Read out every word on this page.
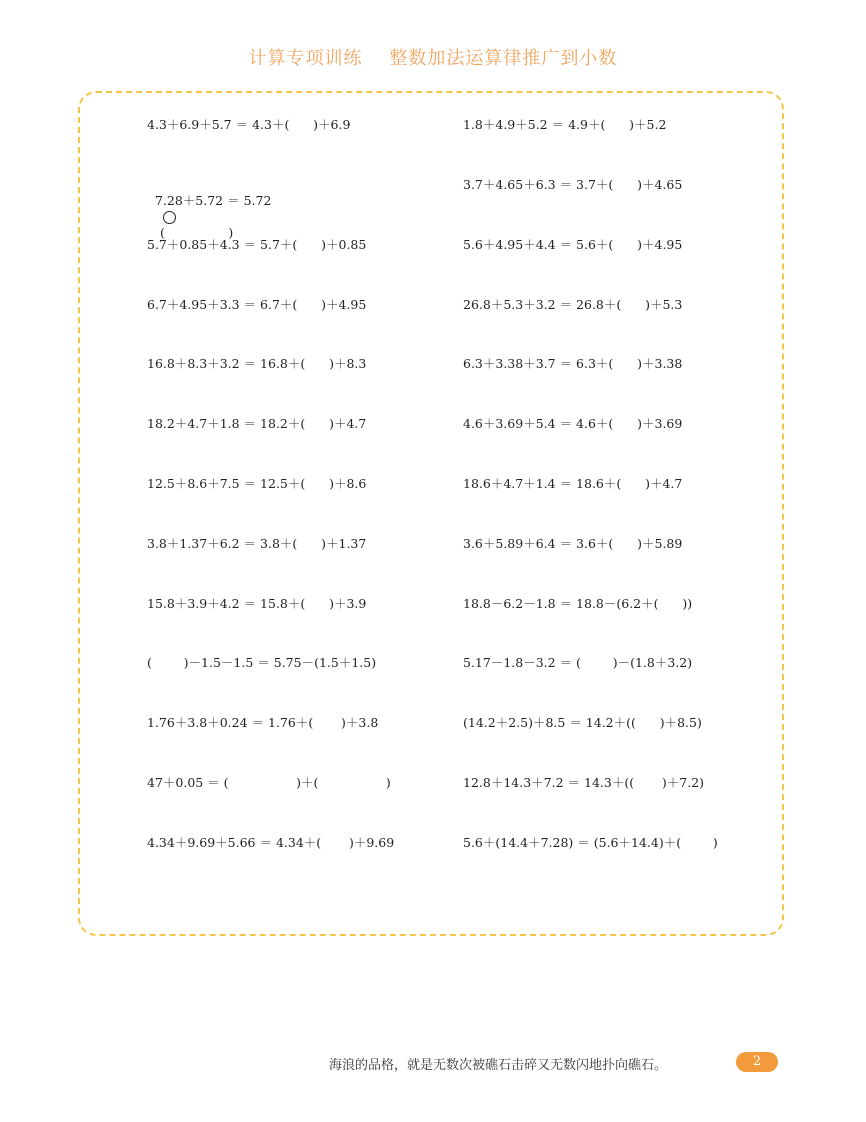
计算专项训练    整数加法运算律推广到小数
4.3＋6.9＋5.7 ＝ 4.3＋(      )＋6.9

7.28＋5.72 ＝ 5.72

(                )

5.7＋0.85＋4.3 ＝ 5.7＋(      )＋0.85
6.7＋4.95＋3.3 ＝ 6.7＋(      )＋4.95
16.8＋8.3＋3.2 ＝ 16.8＋(      )＋8.3
18.2＋4.7＋1.8 ＝ 18.2＋(      )＋4.7
12.5＋8.6＋7.5 ＝ 12.5＋(      )＋8.6
3.8＋1.37＋6.2 ＝ 3.8＋(      )＋1.37
15.8＋3.9＋4.2 ＝ 15.8＋(      )＋3.9
(        )－1.5－1.5 ＝ 5.75－(1.5＋1.5)
1.76＋3.8＋0.24 ＝ 1.76＋(       )＋3.8
47＋0.05 ＝ (                 )＋(                 )
4.34＋9.69＋5.66 ＝ 4.34＋(       )＋9.69
1.8＋4.9＋5.2 ＝ 4.9＋(      )＋5.2
3.7＋4.65＋6.3 ＝ 3.7＋(      )＋4.65
5.6＋4.95＋4.4 ＝ 5.6＋(      )＋4.95
26.8＋5.3＋3.2 ＝ 26.8＋(      )＋5.3
6.3＋3.38＋3.7 ＝ 6.3＋(      )＋3.38
4.6＋3.69＋5.4 ＝ 4.6＋(      )＋3.69
18.6＋4.7＋1.4 ＝ 18.6＋(      )＋4.7
3.6＋5.89＋6.4 ＝ 3.6＋(      )＋5.89
18.8－6.2－1.8 ＝ 18.8－(6.2＋(      ))
5.17－1.8－3.2 ＝ (        )－(1.8＋3.2)
(14.2＋2.5)＋8.5 ＝ 14.2＋((      )＋8.5)
12.8＋14.3＋7.2 ＝ 14.3＋((       )＋7.2)
5.6＋(14.4＋7.28) ＝ (5.6＋14.4)＋(        )
海浪的品格，就是无数次被礁石击碎又无数闪地扑向礁石。	2
